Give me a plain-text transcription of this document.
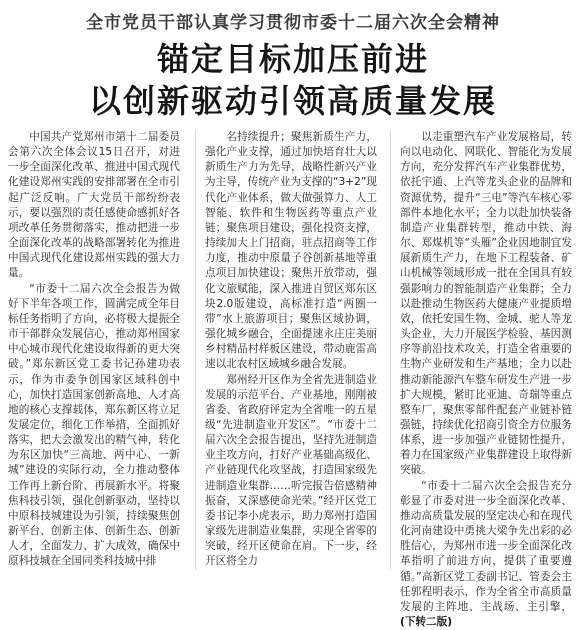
全市党员干部认真学习贯彻市委十二届六次全会精神
锚定目标加压前进
以创新驱动引领高质量发展

中国共产党郑州市第十二届委员会第六次全体会议15日召开，对进一步全面深化改革、推进中国式现代化建设郑州实践的安排部署在全市引起广泛反响。广大党员干部纷纷表示，要以强烈的责任感使命感抓好各项改革任务贯彻落实，推动把进一步全面深化改革的战略部署转化为推进中国式现代化建设郑州实践的强大力量。

“市委十二届六次全会报告为做好下半年各项工作，圆满完成全年目标任务指明了方向，必将极大提振全市干部群众发展信心，推动郑州国家中心城市现代化建设取得新的更大突破。”郑东新区党工委书记孙建功表示，作为市委争创国家区域科创中心，加快打造国家创新高地、人才高地的核心支撑载体，郑东新区将立足发展定位，细化工作举措，全面抓好落实，把大会激发出的精气神，转化为东区加快“三高地、两中心、一新城”建设的实际行动，全力推动整体工作再上新台阶、再展新水平。将聚焦科技引领，强化创新驱动，坚持以中原科技城建设为引领，持续聚焦创新平台、创新主体、创新生态、创新人才，全面发力、扩大成效，确保中原科技城在全国同类科技城中排

名持续提升；聚焦新质生产力，强化产业支撑，通过加快培育壮大以新质生产力为先导，战略性新兴产业为主导，传统产业为支撑的“3+2”现代化产业体系，做大做强算力、人工智能、软件和生物医药等重点产业链；聚焦项目建设，强化投资支撑，持续加大上门招商，驻点招商等工作力度，推动中原量子谷创新基地等重点项目加快建设；聚焦开放带动，强化文旅赋能，深入推进自贸区郑东区块2.0版建设，高标准打造“两圈一带”水上旅游项目；聚焦区域协调，强化城乡融合，全面提速永庄庄美丽乡村精品村样板区建设，带动鹿雷高速以北农村区域城乡融合发展。

郑州经开区作为全省先进制造业发展的示范平台、产业基地，刚刚被省委、省政府评定为全省唯一的五星级“先进制造业开发区”。“市委十二届六次全会报告提出，坚持先进制造业主攻方向，打好产业基础高级化、产业链现代化攻坚战，打造国家级先进制造业集群……听完报告倍感精神振奋，又深感使命光荣。”经开区党工委书记李小虎表示，助力郑州打造国家级先进制造业集群，实现全省零的突破，经开区使命在肩。下一步，经开区将全力

以走重塑汽车产业发展格局，转向以电动化、网联化、智能化为发展方向，充分发挥汽车产业集群优势，依托宇通、上汽等龙头企业的品牌和资源优势，提升“三电”等汽车核心零部件本地化水平；全力以赴加快装备制造产业集群转型，推动中铁、海尔、郑煤机等“头雁”企业因地制宜发展新质生产力，在地下工程装备、矿山机械等领域形成一批在全国具有较强影响力的智能制造产业集群；全力以赴推动生物医药大健康产业提质增效，依托安国生物、金城、驼人等龙头企业，大力开展医学检验、基因测序等前沿技术攻关，打造全省重要的生物产业研发和生产基地；全力以赴推动新能源汽车整车研发生产进一步扩大规模，紧盯比亚迪、奇瑞等重点整车厂，聚焦零部件配套产业链补链强链，持续优化招商引资全方位服务体系，进一步加强产业链韧性提升，着力在国家级产业集群建设上取得新突破。

“市委十二届六次全会报告充分彰显了市委对进一步全面深化改革、推动高质量发展的坚定决心和在现代化河南建设中勇挑大梁争先出彩的必胜信心，为郑州市进一步全面深化改革指明了前进方向，提供了重要遵循。”高新区党工委副书记、管委会主任郭程明表示，作为全省全市高质量发展的主阵地、主战场、主引擎，(下转二版)
